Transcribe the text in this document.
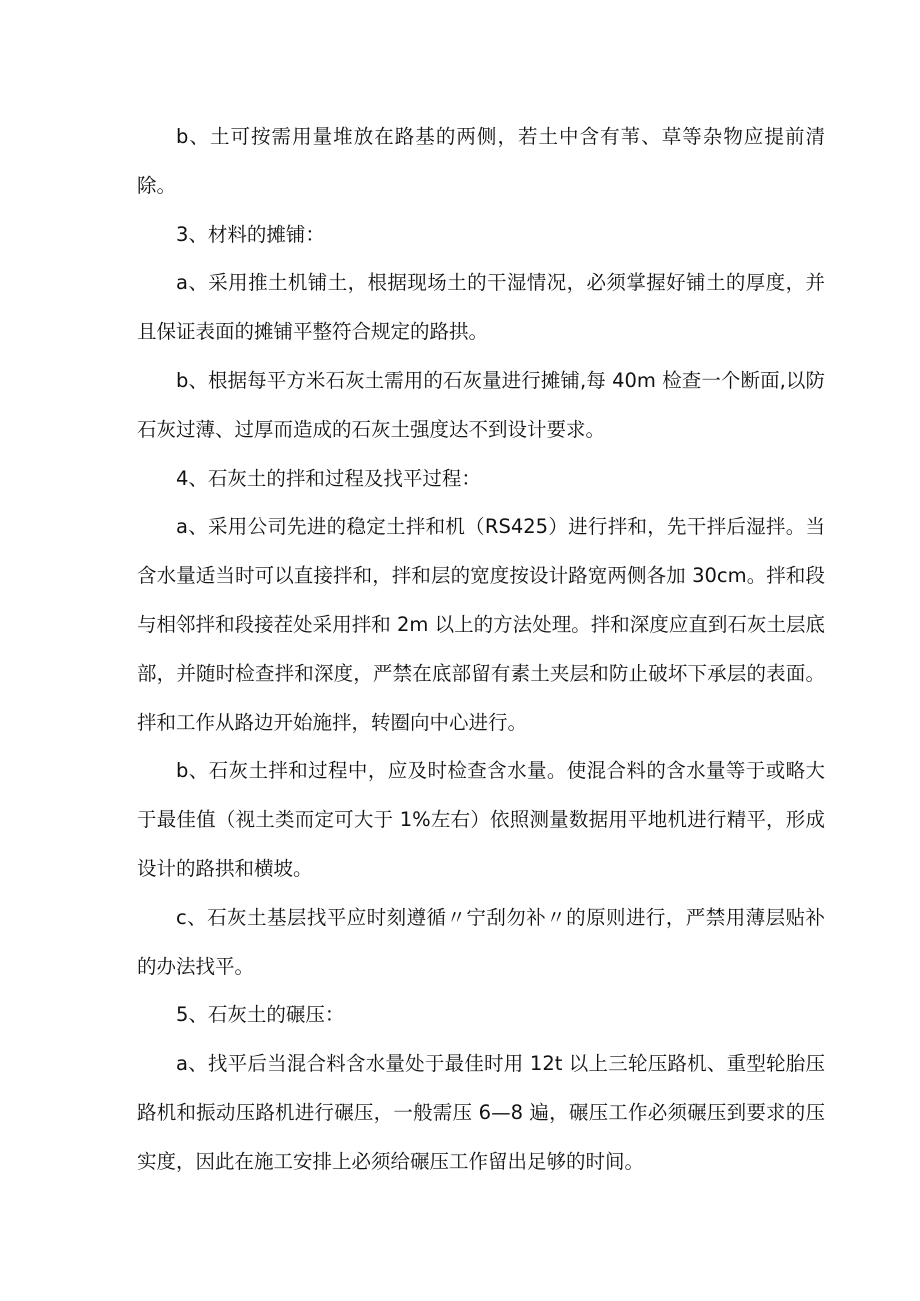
b、土可按需用量堆放在路基的两侧，若土中含有苇、草等杂物应提前清除。

3、材料的摊铺：

a、采用推土机铺土，根据现场土的干湿情况，必须掌握好铺土的厚度，并且保证表面的摊铺平整符合规定的路拱。

b、根据每平方米石灰土需用的石灰量进行摊铺,每 40m 检查一个断面,以防石灰过薄、过厚而造成的石灰土强度达不到设计要求。

4、石灰土的拌和过程及找平过程：

a、采用公司先进的稳定土拌和机（RS425）进行拌和，先干拌后湿拌。当含水量适当时可以直接拌和，拌和层的宽度按设计路宽两侧各加 30cm。拌和段与相邻拌和段接茬处采用拌和 2m 以上的方法处理。拌和深度应直到石灰土层底部，并随时检查拌和深度，严禁在底部留有素土夹层和防止破坏下承层的表面。拌和工作从路边开始施拌，转圈向中心进行。

b、石灰土拌和过程中，应及时检查含水量。使混合料的含水量等于或略大于最佳值（视土类而定可大于 1%左右）依照测量数据用平地机进行精平，形成设计的路拱和横坡。

c、石灰土基层找平应时刻遵循〃宁刮勿补〃的原则进行，严禁用薄层贴补的办法找平。

5、石灰土的碾压：

a、找平后当混合料含水量处于最佳时用 12t 以上三轮压路机、重型轮胎压路机和振动压路机进行碾压，一般需压 6—8 遍，碾压工作必须碾压到要求的压实度，因此在施工安排上必须给碾压工作留出足够的时间。
